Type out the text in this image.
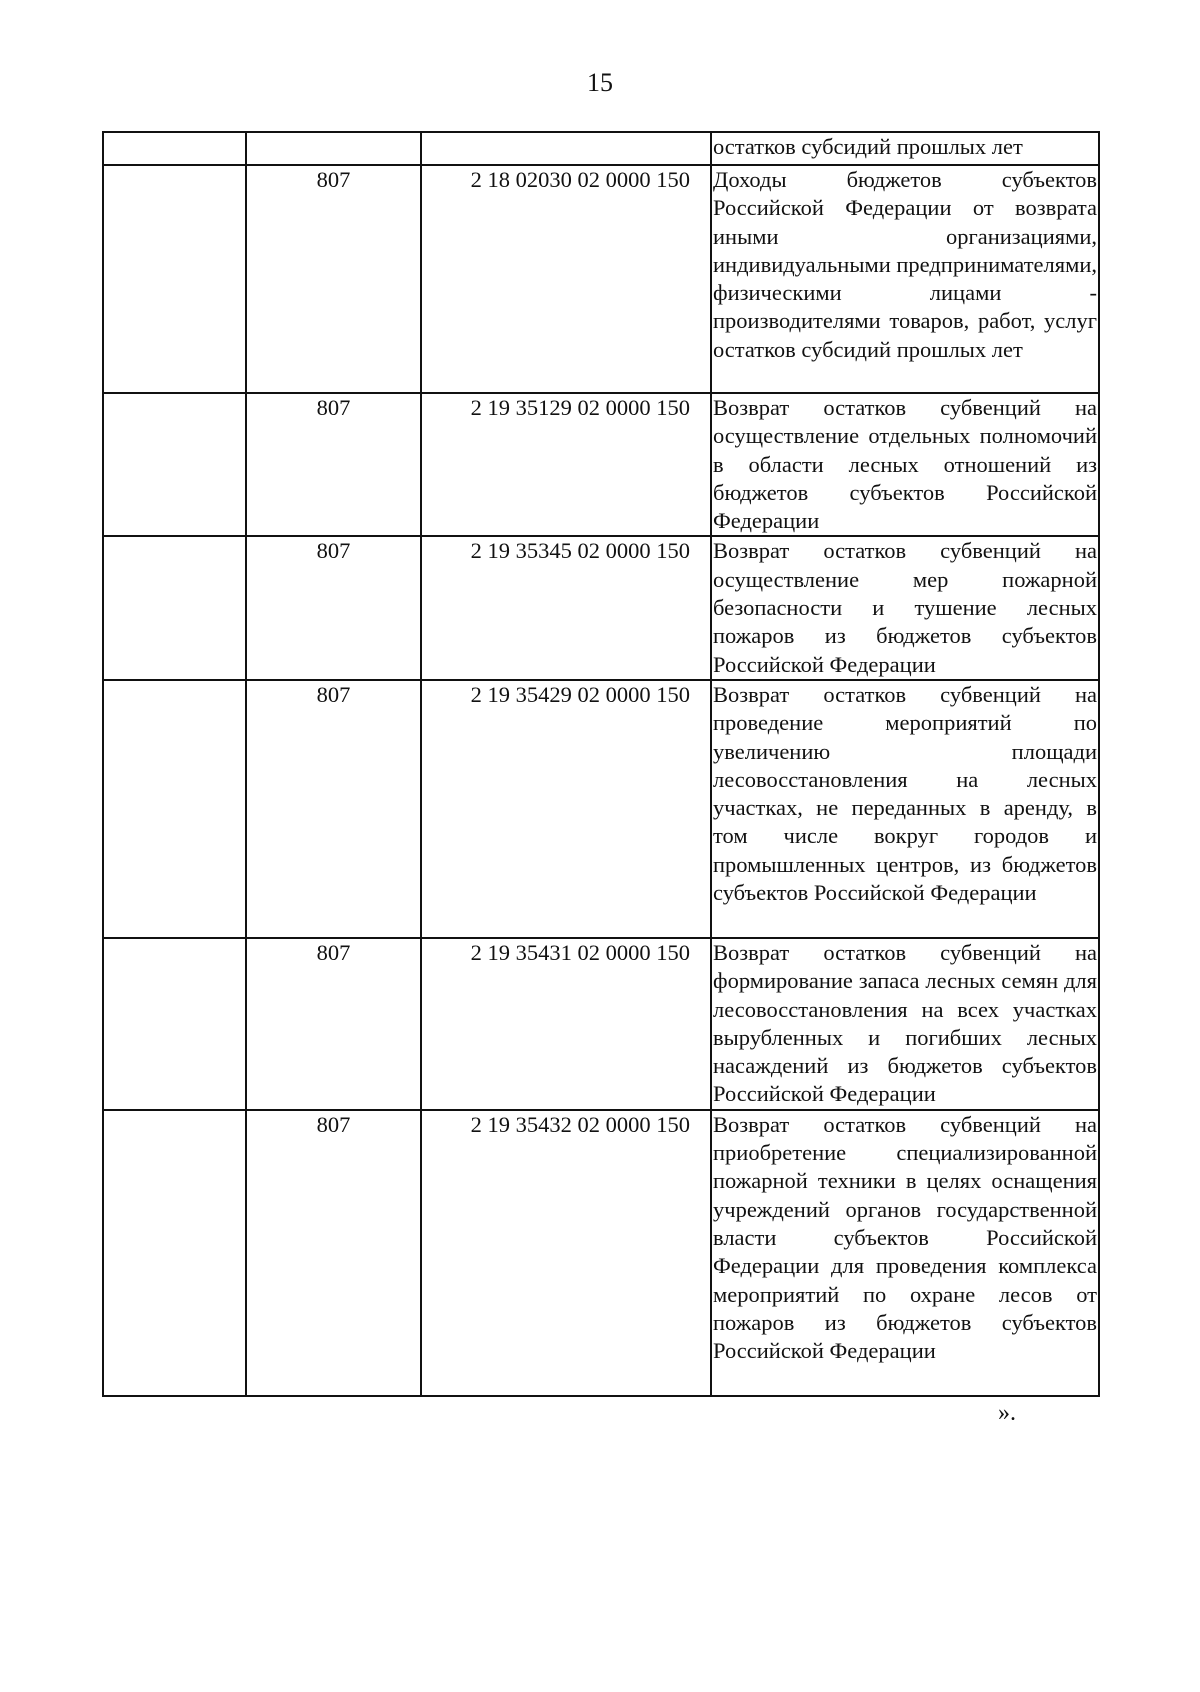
15
			остатков субсидий прошлых лет
	807	2 18 02030 02 0000 150	Доходы бюджетов субъектов Российской Федерации от возврата иными организациями, индивидуальными предпринимателями, физическими лицами - производителями товаров, работ, услуг остатков субсидий прошлых лет
	807	2 19 35129 02 0000 150	Возврат остатков субвенций на осуществление отдельных полномочий в области лесных отношений из бюджетов субъектов Российской Федерации
	807	2 19 35345 02 0000 150	Возврат остатков субвенций на осуществление мер пожарной безопасности и тушение лесных пожаров из бюджетов субъектов Российской Федерации
	807	2 19 35429 02 0000 150	Возврат остатков субвенций на проведение мероприятий по увеличению площади лесовосстановления на лесных участках, не переданных в аренду, в том числе вокруг городов и промышленных центров, из бюджетов субъектов Российской Федерации
	807	2 19 35431 02 0000 150	Возврат остатков субвенций на формирование запаса лесных семян для лесовосстановления на всех участках вырубленных и погибших лесных насаждений из бюджетов субъектов Российской Федерации
	807	2 19 35432 02 0000 150	Возврат остатков субвенций на приобретение специализированной пожарной техники в целях оснащения учреждений органов государственной власти субъектов Российской Федерации для проведения комплекса мероприятий по охране лесов от пожаров из бюджетов субъектов Российской Федерации
».
